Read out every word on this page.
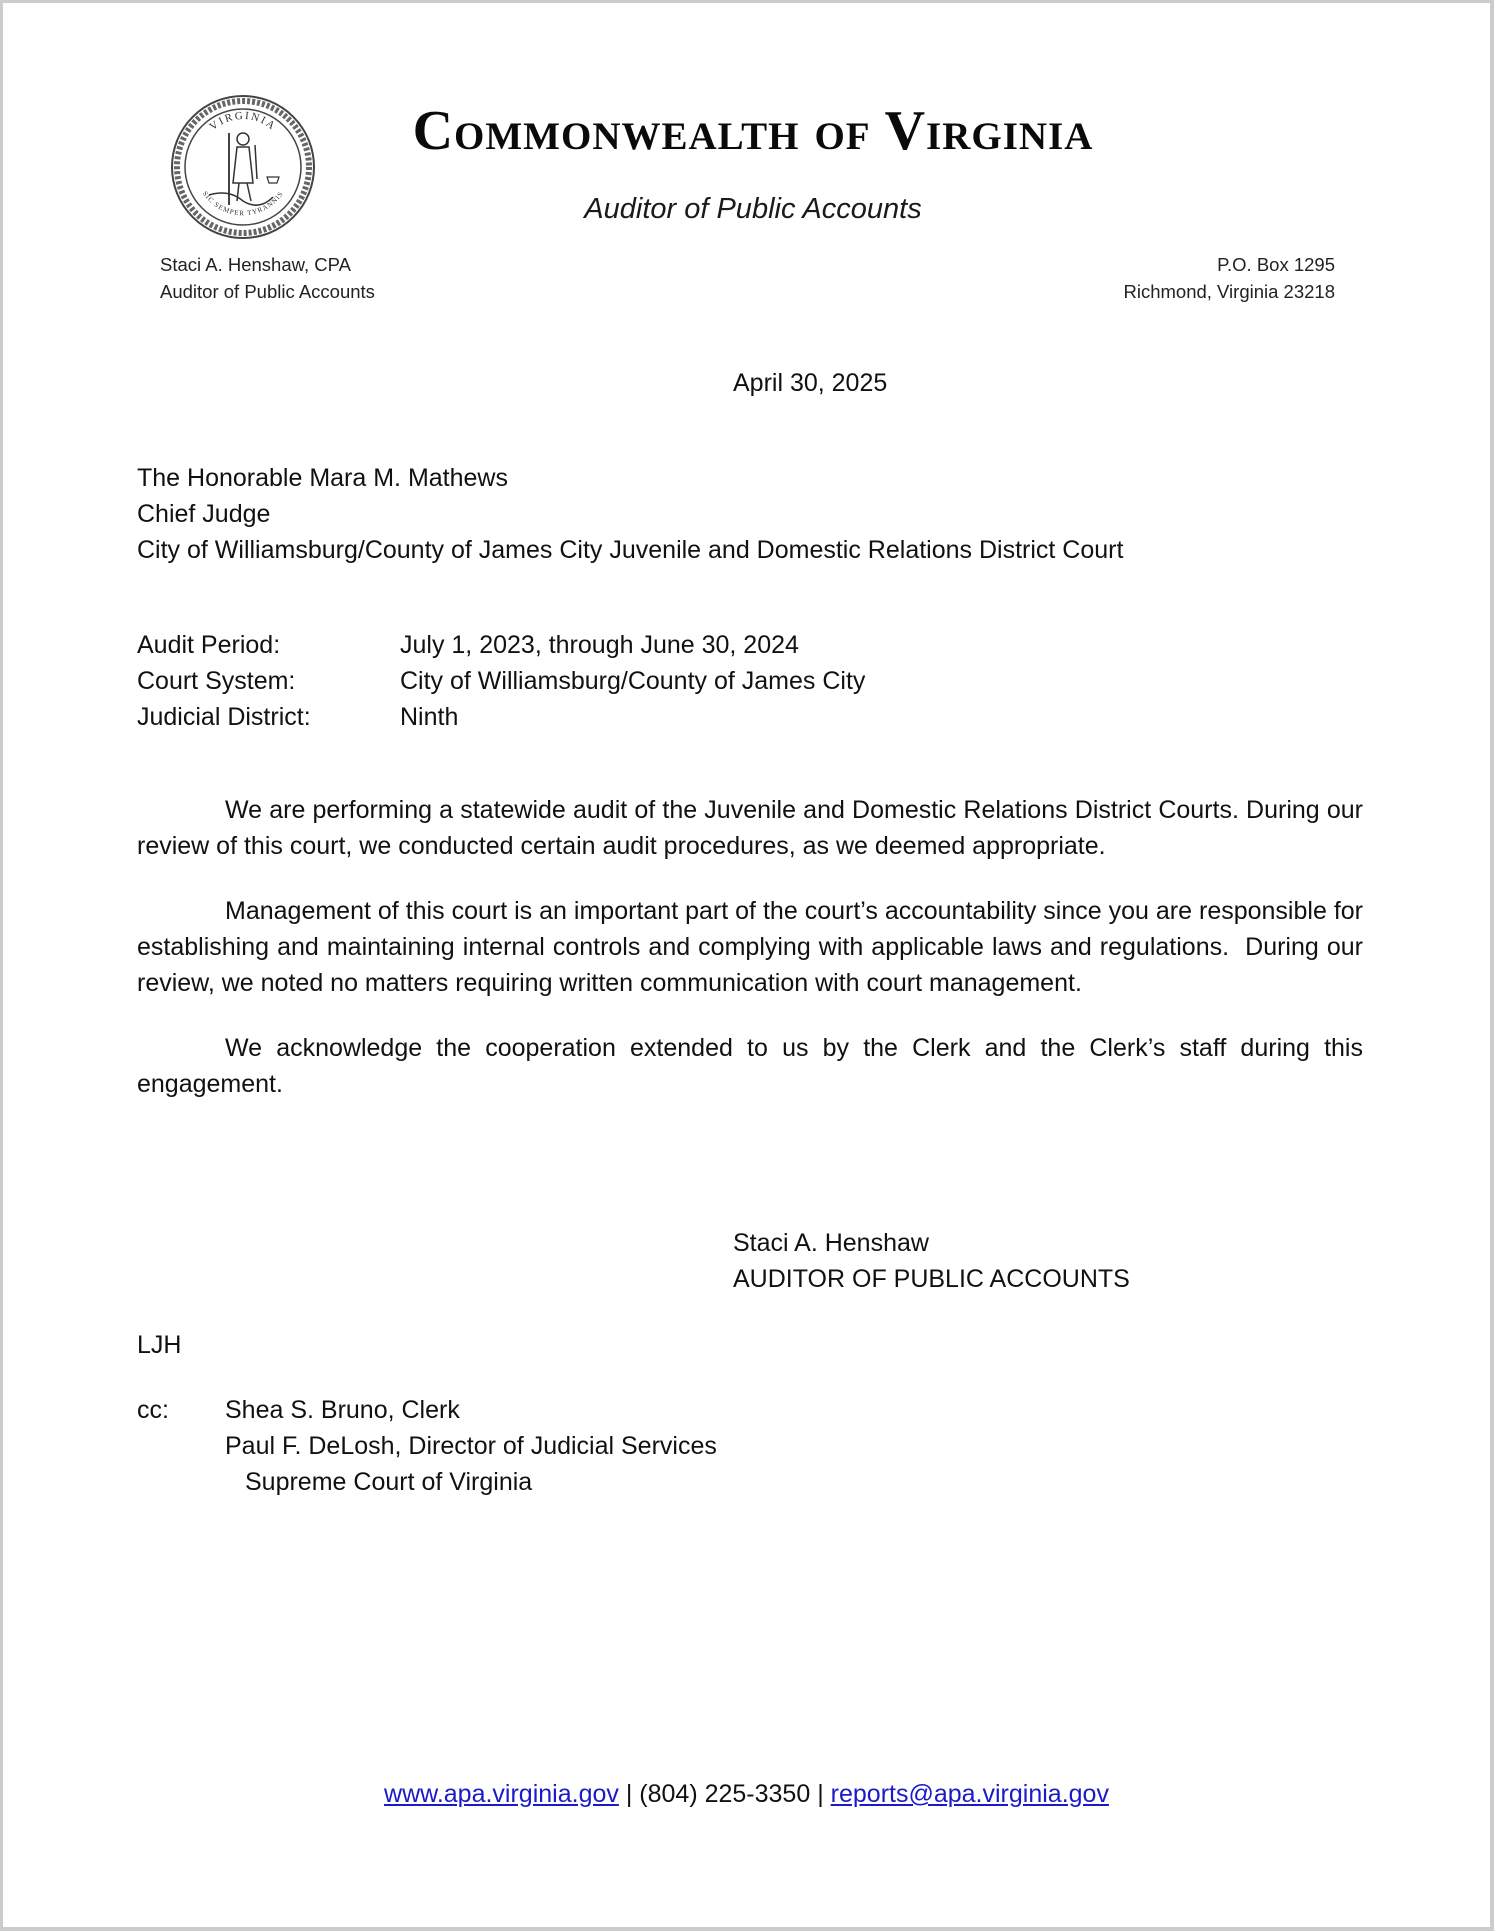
VIRGINIA
SIC SEMPER TYRANNIS
Commonwealth of Virginia
Auditor of Public Accounts
Staci A. Henshaw, CPA
Auditor of Public Accounts
P.O. Box 1295
Richmond, Virginia 23218
April 30, 2025
The Honorable Mara M. Mathews
Chief Judge
City of Williamsburg/County of James City Juvenile and Domestic Relations District Court
Audit Period:	July 1, 2023, through June 30, 2024
Court System:	City of Williamsburg/County of James City
Judicial District:	Ninth

We are performing a statewide audit of the Juvenile and Domestic Relations District Courts. During our review of this court, we conducted certain audit procedures, as we deemed appropriate.

Management of this court is an important part of the court’s accountability since you are responsible for establishing and maintaining internal controls and complying with applicable laws and regulations.  During our review, we noted no matters requiring written communication with court management.

We acknowledge the cooperation extended to us by the Clerk and the Clerk’s staff during this engagement.

Staci A. Henshaw
AUDITOR OF PUBLIC ACCOUNTS
LJH
cc:	Shea S. Bruno, Clerk
Paul F. DeLosh, Director of Judicial Services
Supreme Court of Virginia
www.apa.virginia.gov | (804) 225-3350 | reports@apa.virginia.gov
